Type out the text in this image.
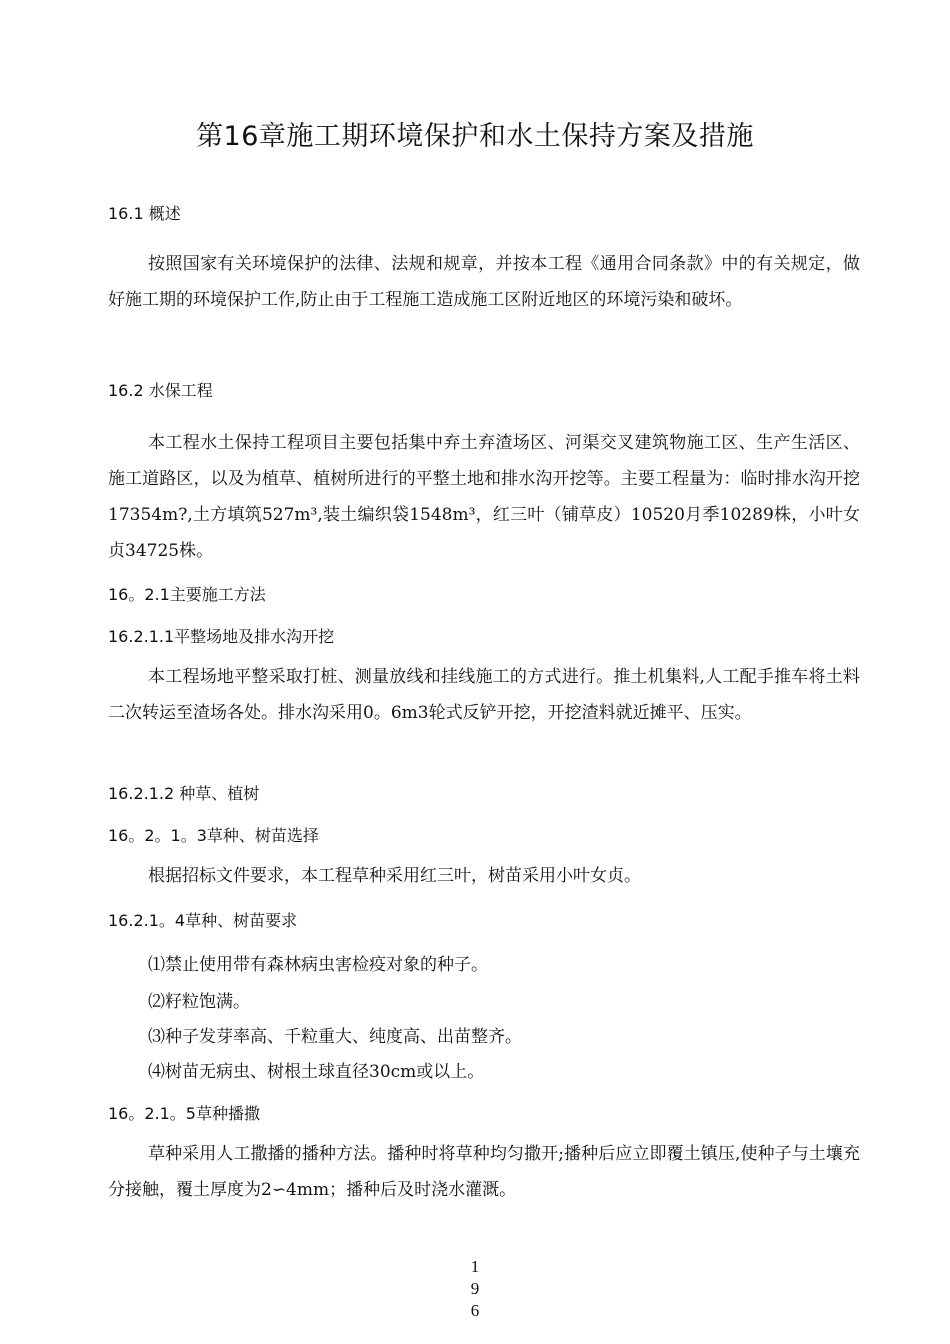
第16章施工期环境保护和水土保持方案及措施
16.1 概述

按照国家有关环境保护的法律、法规和规章，并按本工程《通用合同条款》中的有关规定，做好施工期的环境保护工作,防止由于工程施工造成施工区附近地区的环境污染和破坏。

16.2 水保工程

本工程水土保持工程项目主要包括集中弃土弃渣场区、河渠交叉建筑物施工区、生产生活区、施工道路区，以及为植草、植树所进行的平整土地和排水沟开挖等。主要工程量为：临时排水沟开挖17354m?,土方填筑527m³,装土编织袋1548m³，红三叶（铺草皮）10520月季10289株，小叶女贞34725株。

16。2.1主要施工方法
16.2.1.1平整场地及排水沟开挖

本工程场地平整采取打桩、测量放线和挂线施工的方式进行。推土机集料,人工配手推车将土料二次转运至渣场各处。排水沟采用0。6m3轮式反铲开挖，开挖渣料就近摊平、压实。

16.2.1.2 种草、植树
16。2。1。3草种、树苗选择

根据招标文件要求，本工程草种采用红三叶，树苗采用小叶女贞。

16.2.1。4草种、树苗要求

⑴禁止使用带有森林病虫害检疫对象的种子。

⑵籽粒饱满。

⑶种子发芽率高、千粒重大、纯度高、出苗整齐。

⑷树苗无病虫、树根土球直径30cm或以上。

16。2.1。5草种播撒

草种采用人工撒播的播种方法。播种时将草种均匀撒开;播种后应立即覆土镇压,使种子与土壤充分接触，覆土厚度为2∽4mm；播种后及时浇水灌溉。

1
9
6
